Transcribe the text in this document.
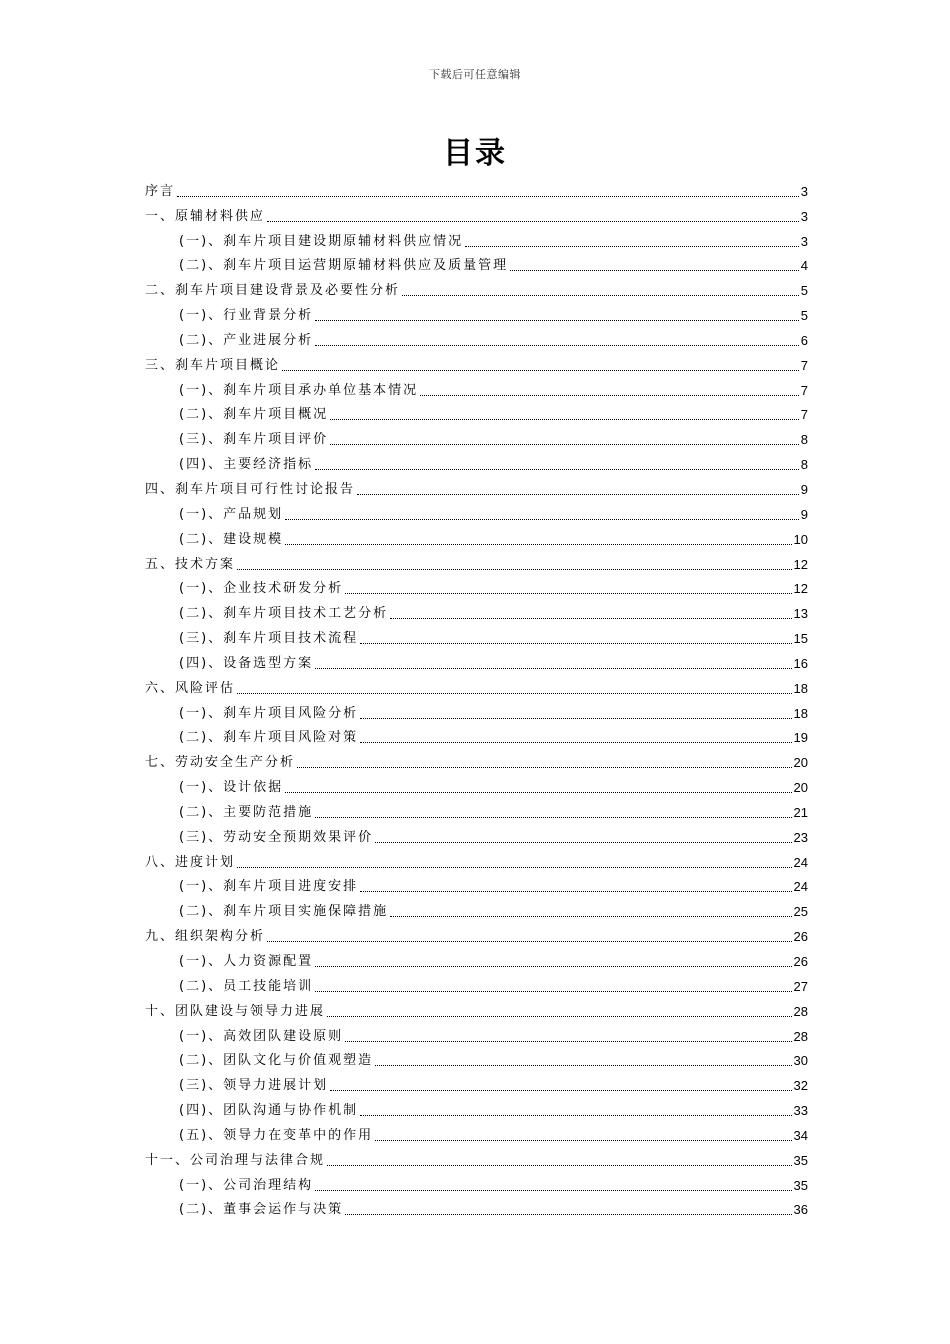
下载后可任意编辑
目录
序言	3
一、原辅材料供应	3
(一)、刹车片项目建设期原辅材料供应情况	3
(二)、刹车片项目运营期原辅材料供应及质量管理	4
二、刹车片项目建设背景及必要性分析	5
(一)、行业背景分析	5
(二)、产业进展分析	6
三、刹车片项目概论	7
(一)、刹车片项目承办单位基本情况	7
(二)、刹车片项目概况	7
(三)、刹车片项目评价	8
(四)、主要经济指标	8
四、刹车片项目可行性讨论报告	9
(一)、产品规划	9
(二)、建设规模	10
五、技术方案	12
(一)、企业技术研发分析	12
(二)、刹车片项目技术工艺分析	13
(三)、刹车片项目技术流程	15
(四)、设备选型方案	16
六、风险评估	18
(一)、刹车片项目风险分析	18
(二)、刹车片项目风险对策	19
七、劳动安全生产分析	20
(一)、设计依据	20
(二)、主要防范措施	21
(三)、劳动安全预期效果评价	23
八、进度计划	24
(一)、刹车片项目进度安排	24
(二)、刹车片项目实施保障措施	25
九、组织架构分析	26
(一)、人力资源配置	26
(二)、员工技能培训	27
十、团队建设与领导力进展	28
(一)、高效团队建设原则	28
(二)、团队文化与价值观塑造	30
(三)、领导力进展计划	32
(四)、团队沟通与协作机制	33
(五)、领导力在变革中的作用	34
十一、公司治理与法律合规	35
(一)、公司治理结构	35
(二)、董事会运作与决策	36
